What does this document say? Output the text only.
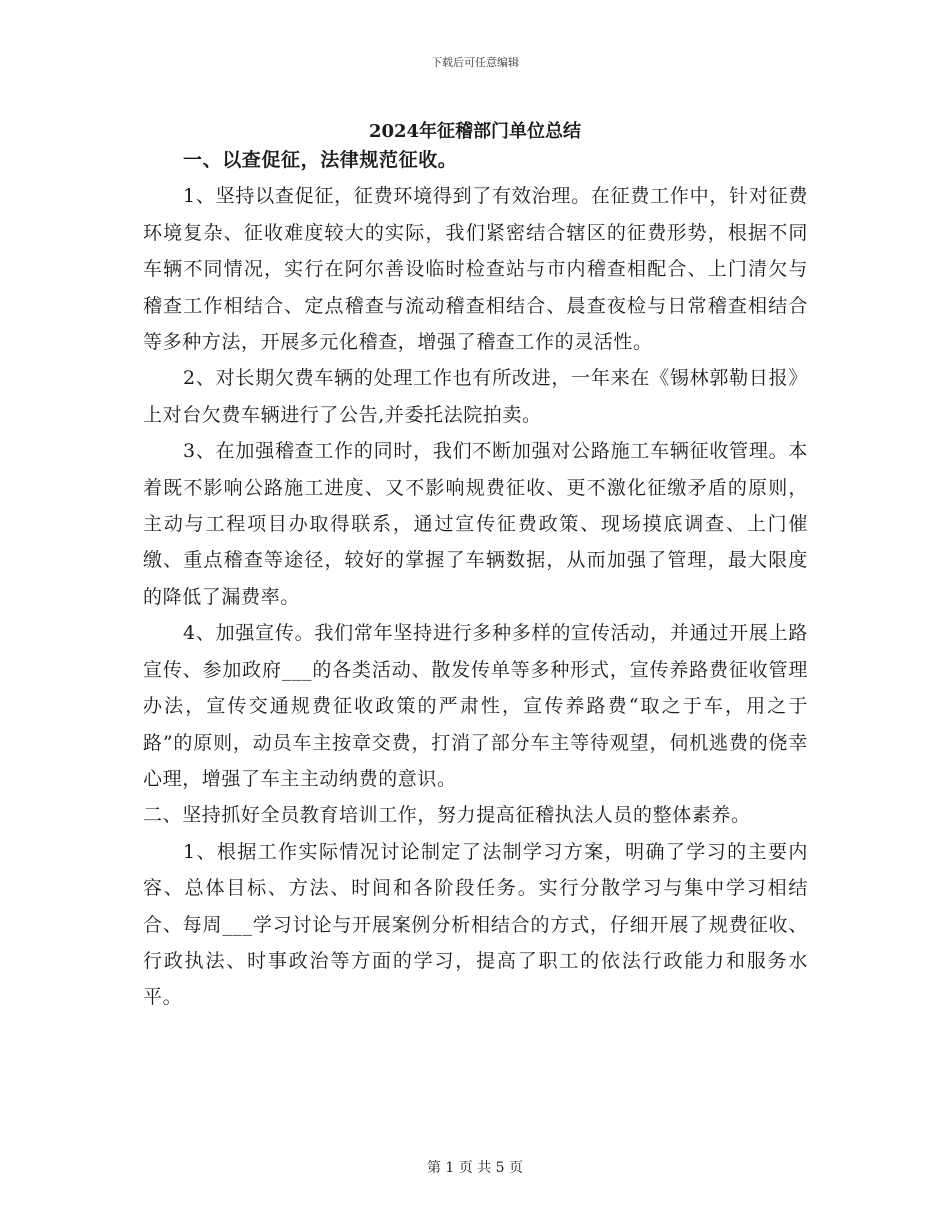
下载后可任意编辑
2024年征稽部门单位总结

一、以查促征，法律规范征收。

1、坚持以查促征，征费环境得到了有效治理。在征费工作中，针对征费环境复杂、征收难度较大的实际，我们紧密结合辖区的征费形势，根据不同车辆不同情况，实行在阿尔善设临时检查站与市内稽查相配合、上门清欠与稽查工作相结合、定点稽查与流动稽查相结合、晨查夜检与日常稽查相结合等多种方法，开展多元化稽查，增强了稽查工作的灵活性。

2、对长期欠费车辆的处理工作也有所改进，一年来在《锡林郭勒日报》上对台欠费车辆进行了公告,并委托法院拍卖。

3、在加强稽查工作的同时，我们不断加强对公路施工车辆征收管理。本着既不影响公路施工进度、又不影响规费征收、更不激化征缴矛盾的原则，主动与工程项目办取得联系，通过宣传征费政策、现场摸底调查、上门催缴、重点稽查等途径，较好的掌握了车辆数据，从而加强了管理，最大限度的降低了漏费率。

4、加强宣传。我们常年坚持进行多种多样的宣传活动，并通过开展上路宣传、参加政府___的各类活动、散发传单等多种形式，宣传养路费征收管理办法，宣传交通规费征收政策的严肃性，宣传养路费“取之于车，用之于路”的原则，动员车主按章交费，打消了部分车主等待观望，伺机逃费的侥幸心理，增强了车主主动纳费的意识。

二、坚持抓好全员教育培训工作，努力提高征稽执法人员的整体素养。

1、根据工作实际情况讨论制定了法制学习方案，明确了学习的主要内容、总体目标、方法、时间和各阶段任务。实行分散学习与集中学习相结合、每周___学习讨论与开展案例分析相结合的方式，仔细开展了规费征收、行政执法、时事政治等方面的学习，提高了职工的依法行政能力和服务水平。

第 1 页 共 5 页
